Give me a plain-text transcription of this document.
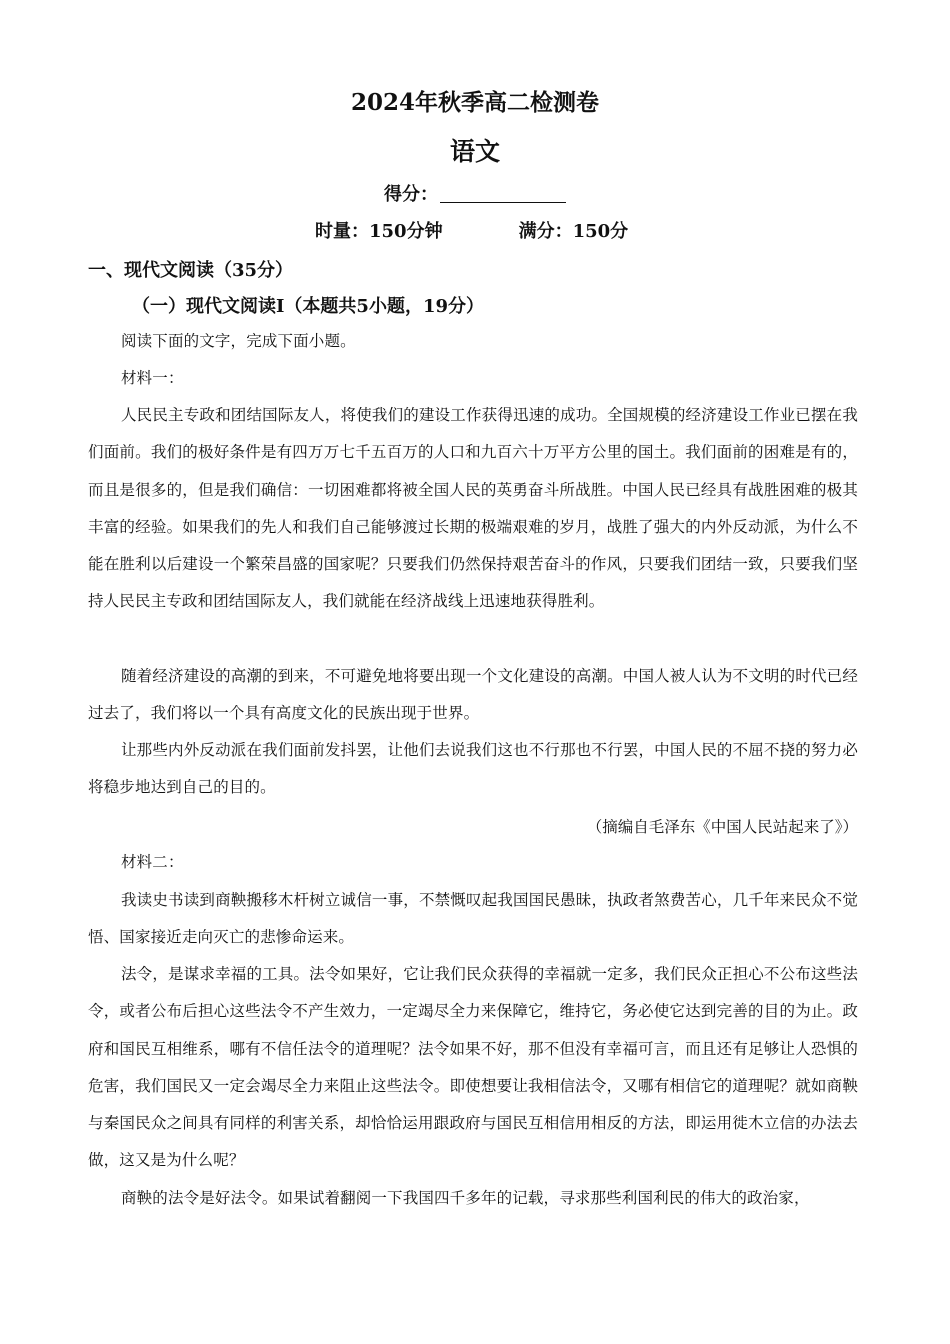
2024年秋季高二检测卷
语文
得分：
时量：150分钟	满分：150分
一、现代文阅读（35分）
（一）现代文阅读Ⅰ（本题共5小题，19分）

阅读下面的文字，完成下面小题。

材料一：

人民民主专政和团结国际友人，将使我们的建设工作获得迅速的成功。全国规模的经济建设工作业已摆在我们面前。我们的极好条件是有四万万七千五百万的人口和九百六十万平方公里的国土。我们面前的困难是有的，而且是很多的，但是我们确信：一切困难都将被全国人民的英勇奋斗所战胜。中国人民已经具有战胜困难的极其丰富的经验。如果我们的先人和我们自己能够渡过长期的极端艰难的岁月，战胜了强大的内外反动派，为什么不能在胜利以后建设一个繁荣昌盛的国家呢？只要我们仍然保持艰苦奋斗的作风，只要我们团结一致，只要我们坚持人民民主专政和团结国际友人，我们就能在经济战线上迅速地获得胜利。

随着经济建设的高潮的到来，不可避免地将要出现一个文化建设的高潮。中国人被人认为不文明的时代已经过去了，我们将以一个具有高度文化的民族出现于世界。

让那些内外反动派在我们面前发抖罢，让他们去说我们这也不行那也不行罢，中国人民的不屈不挠的努力必将稳步地达到自己的目的。

（摘编自毛泽东《中国人民站起来了》）

材料二：

我读史书读到商鞅搬移木杆树立诚信一事，不禁慨叹起我国国民愚昧，执政者煞费苦心，几千年来民众不觉悟、国家接近走向灭亡的悲惨命运来。

法令，是谋求幸福的工具。法令如果好，它让我们民众获得的幸福就一定多，我们民众正担心不公布这些法令，或者公布后担心这些法令不产生效力，一定竭尽全力来保障它，维持它，务必使它达到完善的目的为止。政府和国民互相维系，哪有不信任法令的道理呢？法令如果不好，那不但没有幸福可言，而且还有足够让人恐惧的危害，我们国民又一定会竭尽全力来阻止这些法令。即使想要让我相信法令，又哪有相信它的道理呢？就如商鞅与秦国民众之间具有同样的利害关系，却恰恰运用跟政府与国民互相信用相反的方法，即运用徙木立信的办法去做，这又是为什么呢？

商鞅的法令是好法令。如果试着翻阅一下我国四千多年的记载，寻求那些利国利民的伟大的政治家，
